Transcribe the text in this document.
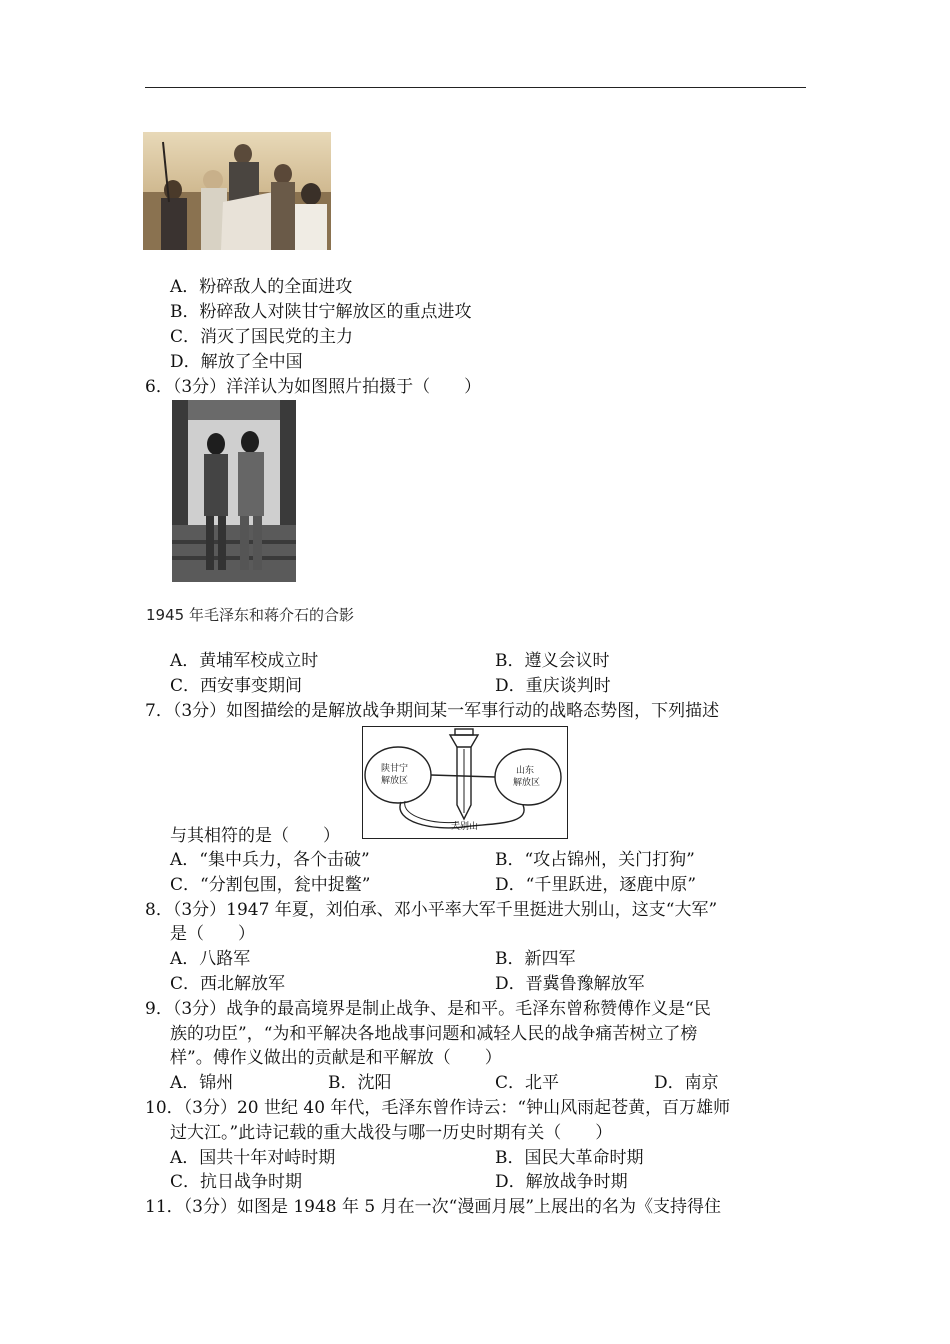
A．粉碎敌人的全面进攻
B．粉碎敌人对陕甘宁解放区的重点进攻
C．消灭了国民党的主力
D．解放了全中国
6．（3分）洋洋认为如图照片拍摄于（　　）
1945 年毛泽东和蒋介石的合影
A．黄埔军校成立时	B．遵义会议时
C．西安事变期间	D．重庆谈判时
7．（3分）如图描绘的是解放战争期间某一军事行动的战略态势图，下列描述
陕甘宁
解放区
山东
解放区
大别山
与其相符的是（　　）
A．“集中兵力，各个击破”	B．“攻占锦州，关门打狗”
C．“分割包围，瓮中捉鳖”	D．“千里跃进，逐鹿中原”
8．（3分）1947 年夏，刘伯承、邓小平率大军千里挺进大别山，这支“大军”
是（　　）
A．八路军	B．新四军
C．西北解放军	D．晋冀鲁豫解放军
9．（3分）战争的最高境界是制止战争、是和平。毛泽东曾称赞傅作义是“民
族的功臣”，“为和平解决各地战事问题和减轻人民的战争痛苦树立了榜
样”。傅作义做出的贡献是和平解放（　　）
A．锦州	B．沈阳	C．北平	D．南京
10．（3分）20 世纪 40 年代，毛泽东曾作诗云：“钟山风雨起苍黄，百万雄师
过大江。”此诗记载的重大战役与哪一历史时期有关（　　）
A．国共十年对峙时期	B．国民大革命时期
C．抗日战争时期	D．解放战争时期
11．（3分）如图是 1948 年 5 月在一次“漫画月展”上展出的名为《支持得住
